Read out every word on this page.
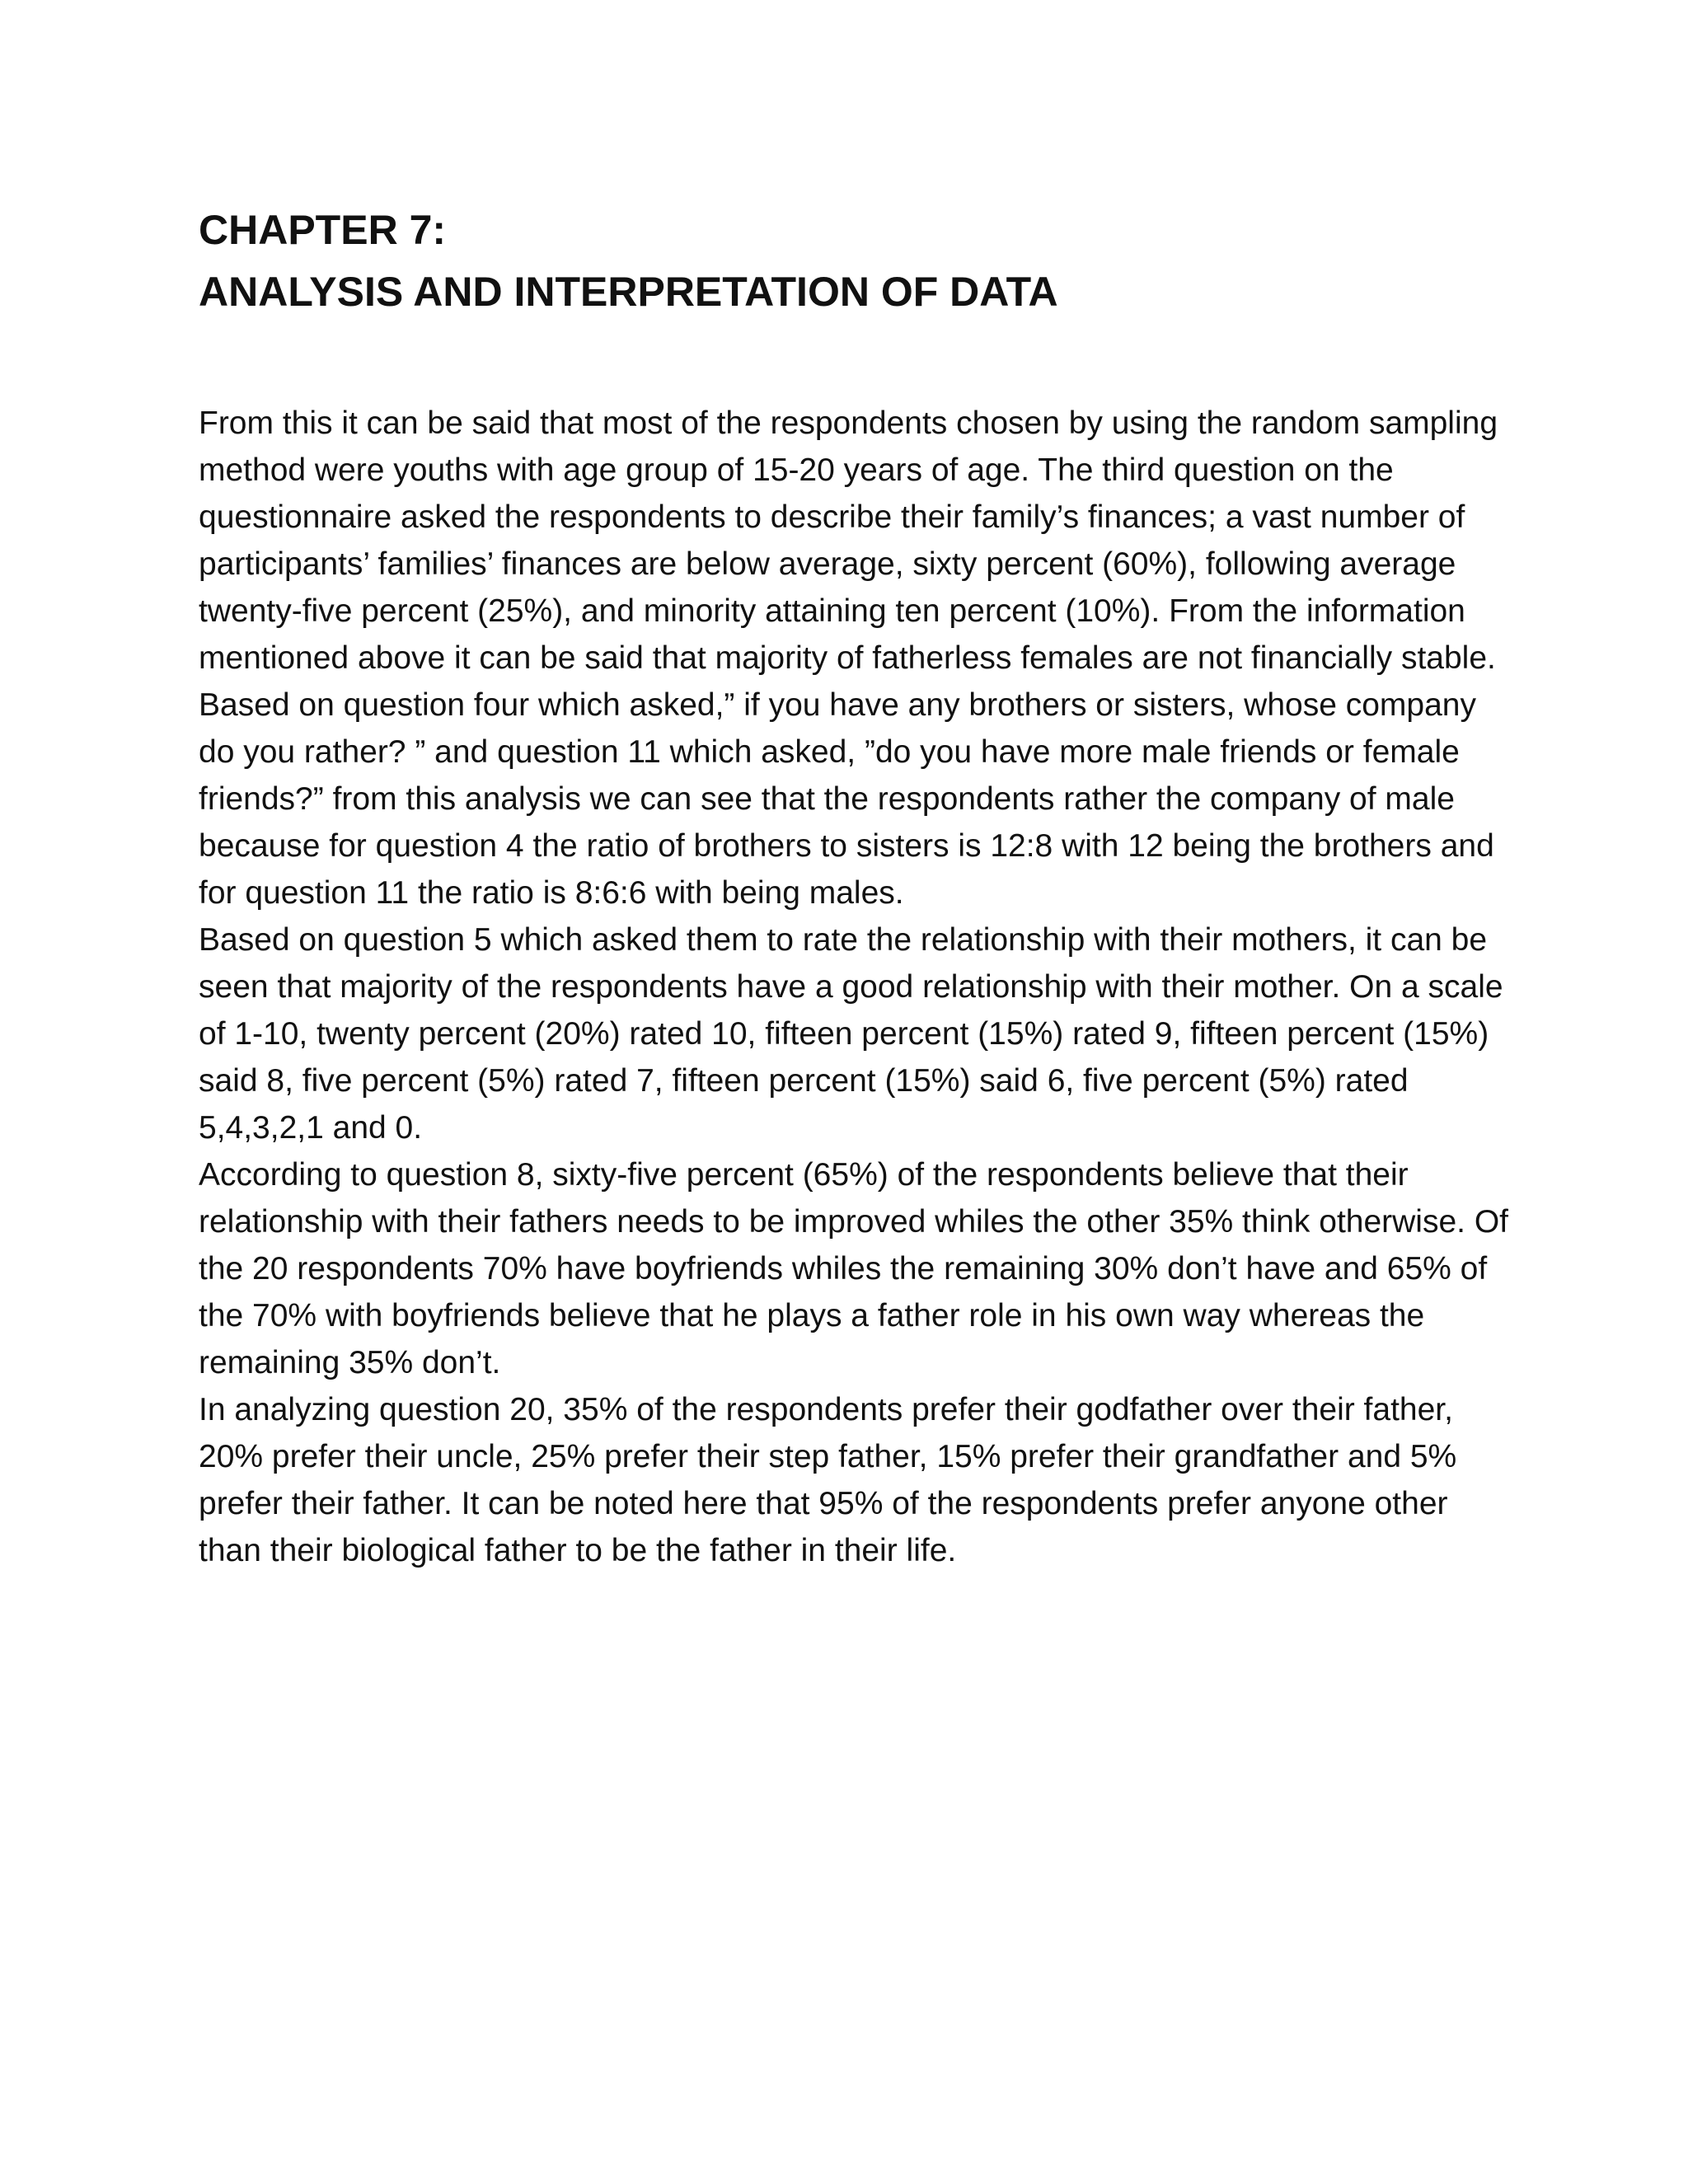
CHAPTER 7:
ANALYSIS AND INTERPRETATION OF DATA

From this it can be said that most of the respondents chosen by using the random sampling method were youths with age group of 15-20 years of age. The third question on the questionnaire asked the respondents to describe their family’s finances; a vast number of participants’ families’ finances are below average, sixty percent (60%), following average twenty-five percent (25%), and minority attaining ten percent (10%). From the information mentioned above it can be said that majority of fatherless females are not financially stable.

Based on question four which asked,” if you have any brothers or sisters, whose company do you rather? ” and question 11 which asked, ”do you have more male friends or female friends?” from this analysis we can see that the respondents rather the company of male because for question 4 the ratio of brothers to sisters is 12:8 with 12 being the brothers and for question 11 the ratio is 8:6:6 with being males.

Based on question 5 which asked them to rate the relationship with their mothers, it can be seen that majority of the respondents have a good relationship with their mother. On a scale of 1-10, twenty percent (20%) rated 10, fifteen percent (15%) rated 9, fifteen percent (15%) said 8, five percent (5%) rated 7, fifteen percent (15%) said 6, five percent (5%) rated 5,4,3,2,1 and 0.

According to question 8, sixty-five percent (65%) of the respondents believe that their relationship with their fathers needs to be improved whiles the other 35% think otherwise. Of the 20 respondents 70% have boyfriends whiles the remaining 30% don’t have and 65% of the 70% with boyfriends believe that he plays a father role in his own way whereas the remaining 35% don’t.

In analyzing question 20, 35% of the respondents prefer their godfather over their father, 20% prefer their uncle, 25% prefer their step father, 15% prefer their grandfather and 5% prefer their father. It can be noted here that 95% of the respondents prefer anyone other than their biological father to be the father in their life.
